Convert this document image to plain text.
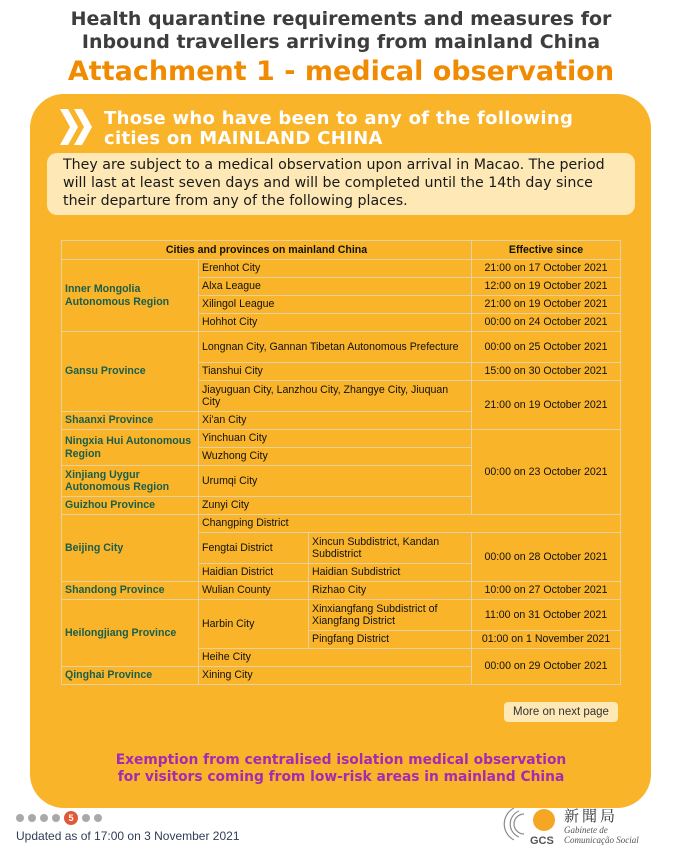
Health quarantine requirements and measures for
Inbound travellers arriving from mainland China
Attachment 1 - medical observation
Those who have been to any of the following
cities on MAINLAND CHINA
They are subject to a medical observation upon arrival in Macao. The period will last at least seven days and will be completed until the 14th day since their departure from any of the following places.
Cities and provinces on mainland China			Effective since
Inner Mongolia Autonomous Region	Erenhot City		21:00 on 17 October 2021
	Alxa League		12:00 on 19 October 2021
	Xilingol League		21:00 on 19 October 2021
	Hohhot City		00:00 on 24 October 2021
Gansu Province	Longnan City, Gannan Tibetan Autonomous Prefecture		00:00 on 25 October 2021
	Tianshui City		15:00 on 30 October 2021
	Jiayuguan City, Lanzhou City, Zhangye City, Jiuquan City		21:00 on 19 October 2021
Shaanxi Province	Xi'an City		
Ningxia Hui Autonomous Region	Yinchuan City		00:00 on 23 October 2021
	Wuzhong City		
Xinjiang Uygur Autonomous Region	Urumqi City		
Guizhou Province	Zunyi City		
Beijing City	Changping District		
	Fengtai District	Xincun Subdistrict, Kandan Subdistrict	00:00 on 28 October 2021
	Haidian District	Haidian Subdistrict	
Shandong Province	Wulian County	Rizhao City	10:00 on 27 October 2021
Heilongjiang Province	Harbin City	Xinxiangfang Subdistrict of Xiangfang District	11:00 on 31 October 2021
		Pingfang District	01:00 on 1 November 2021
	Heihe City		00:00 on 29 October 2021
Qinghai Province	Xining City		
More on next page
Exemption from centralised isolation medical observation
for visitors coming from low-risk areas in mainland China
5
Updated as of 17:00 on 3 November 2021	GCS
新聞局
Gabinete de
Comunicação Social
